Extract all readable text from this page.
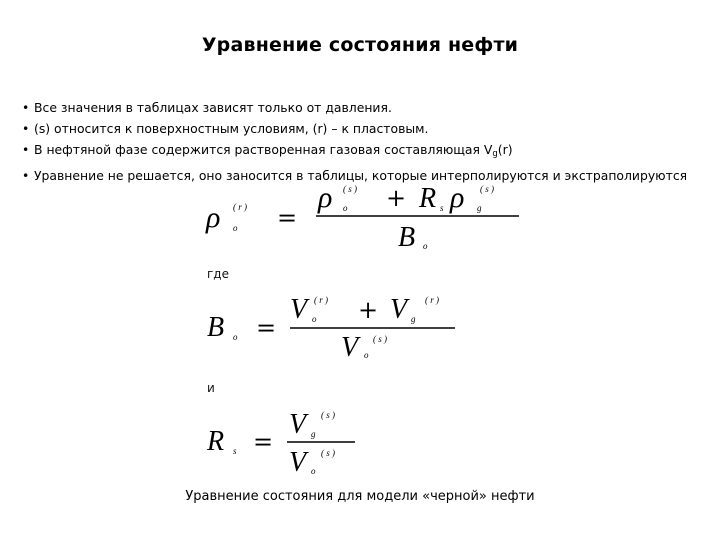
Уравнение состояния нефти
• Все значения в таблицах зависят только от давления.
• (s) относится к поверхностным условиям, (r) – к пластовым.
• В нефтяной фазе содержится растворенная газовая составляющая $V_g(r)$
• Уравнение не решается, оно заносится в таблицы, которые интерполируются и экстраполируются
ρ ( r )
o =
ρ ( s )
o + R s ρ ( s )
g
B o
B o =
V ( r )
o + V	( r )
g
V	( s )
o
R s =
V	( s )
g
V	( s )
o
где
и
Уравнение состояния для модели «черной» нефти
